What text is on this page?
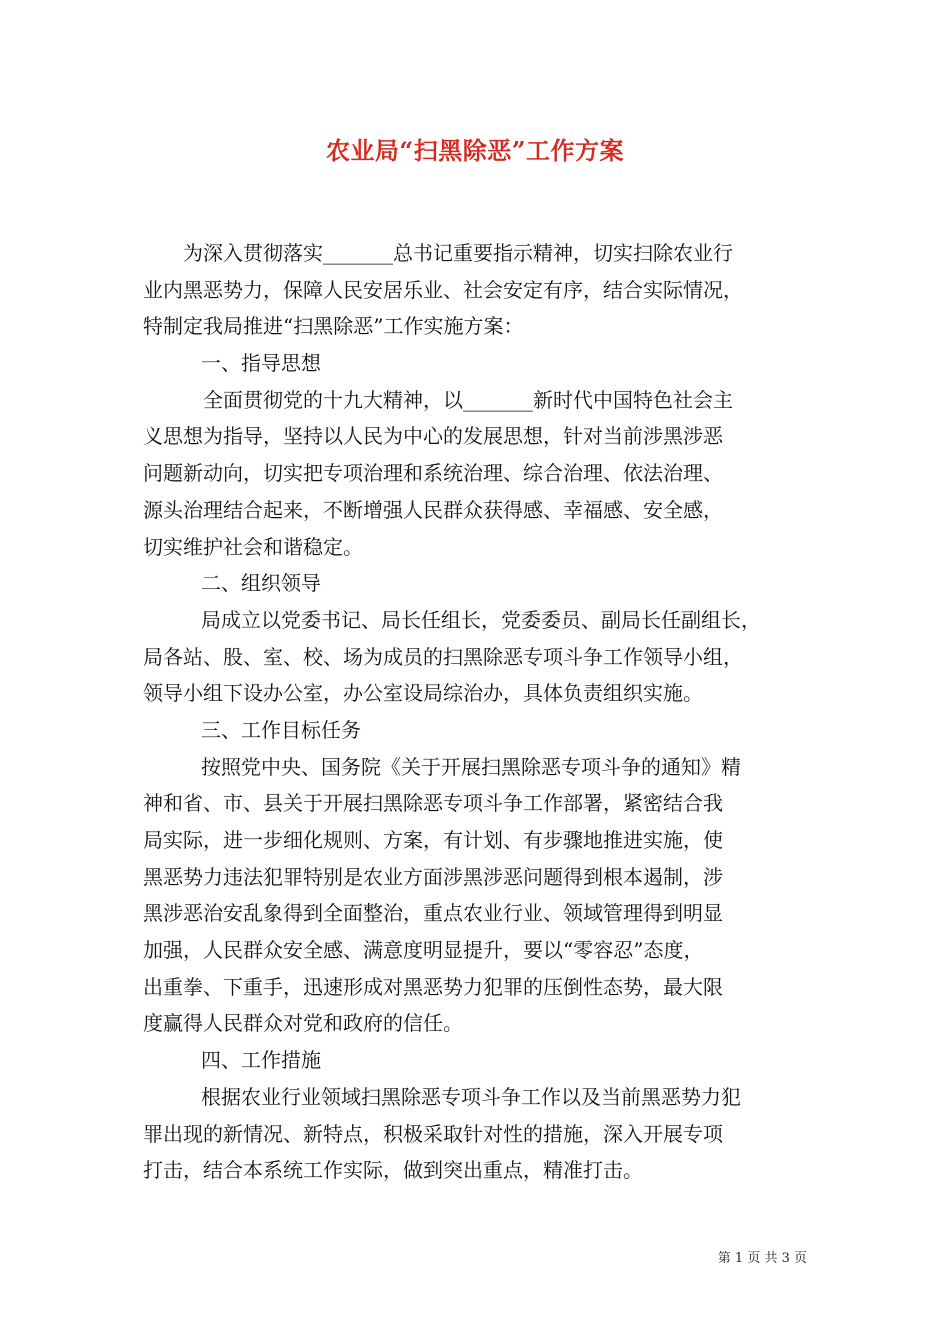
农业局“扫黑除恶”工作方案
为深入贯彻落实_______总书记重要指示精神，切实扫除农业行
业内黑恶势力，保障人民安居乐业、社会安定有序，结合实际情况，
特制定我局推进“扫黑除恶”工作实施方案：
一、指导思想
全面贯彻党的十九大精神，以_______新时代中国特色社会主
义思想为指导，坚持以人民为中心的发展思想，针对当前涉黑涉恶
问题新动向，切实把专项治理和系统治理、综合治理、依法治理、
源头治理结合起来，不断增强人民群众获得感、幸福感、安全感，
切实维护社会和谐稳定。
二、组织领导
局成立以党委书记、局长任组长，党委委员、副局长任副组长，
局各站、股、室、校、场为成员的扫黑除恶专项斗争工作领导小组，
领导小组下设办公室，办公室设局综治办，具体负责组织实施。
三、工作目标任务
按照党中央、国务院《关于开展扫黑除恶专项斗争的通知》精
神和省、市、县关于开展扫黑除恶专项斗争工作部署，紧密结合我
局实际，进一步细化规则、方案，有计划、有步骤地推进实施，使
黑恶势力违法犯罪特别是农业方面涉黑涉恶问题得到根本遏制，涉
黑涉恶治安乱象得到全面整治，重点农业行业、领域管理得到明显
加强，人民群众安全感、满意度明显提升，要以“零容忍”态度，
出重拳、下重手，迅速形成对黑恶势力犯罪的压倒性态势，最大限
度赢得人民群众对党和政府的信任。
四、工作措施
根据农业行业领域扫黑除恶专项斗争工作以及当前黑恶势力犯
罪出现的新情况、新特点，积极采取针对性的措施，深入开展专项
打击，结合本系统工作实际，做到突出重点，精准打击。
第 1 页 共 3 页
